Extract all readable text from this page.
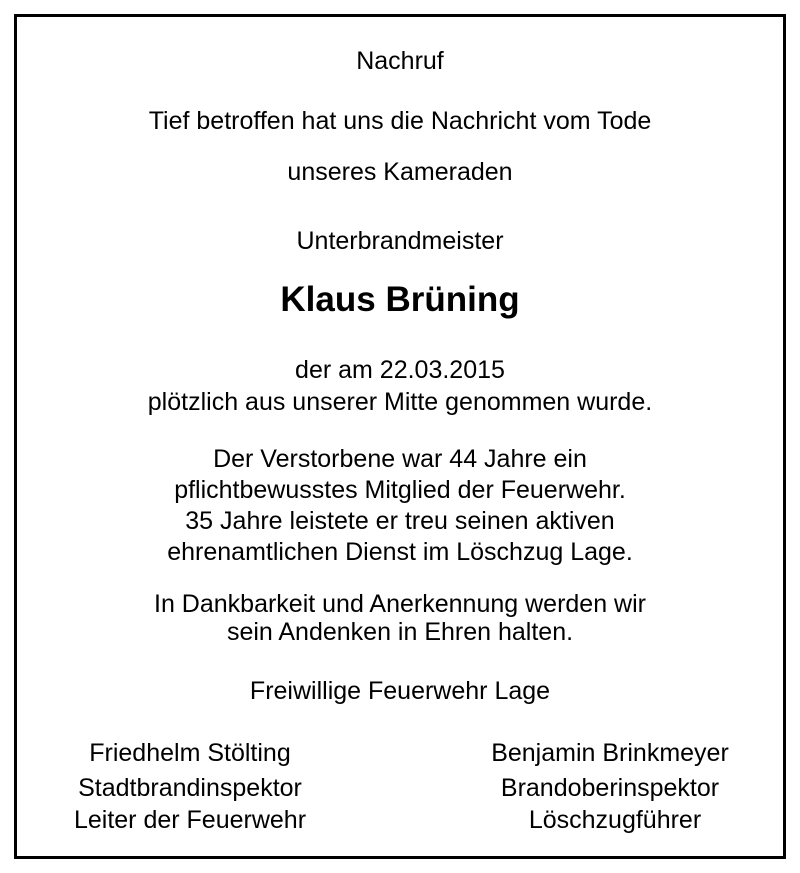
Nachruf
Tief betroffen hat uns die Nachricht vom Tode
unseres Kameraden
Unterbrandmeister
Klaus Brüning
der am 22.03.2015
plötzlich aus unserer Mitte genommen wurde.
Der Verstorbene war 44 Jahre ein
pflichtbewusstes Mitglied der Feuerwehr.
35 Jahre leistete er treu seinen aktiven
ehrenamtlichen Dienst im Löschzug Lage.
In Dankbarkeit und Anerkennung werden wir
sein Andenken in Ehren halten.
Freiwillige Feuerwehr Lage
Friedhelm Stölting
Stadtbrandinspektor
Leiter der Feuerwehr
Benjamin Brinkmeyer
Brandoberinspektor
Löschzugführer
